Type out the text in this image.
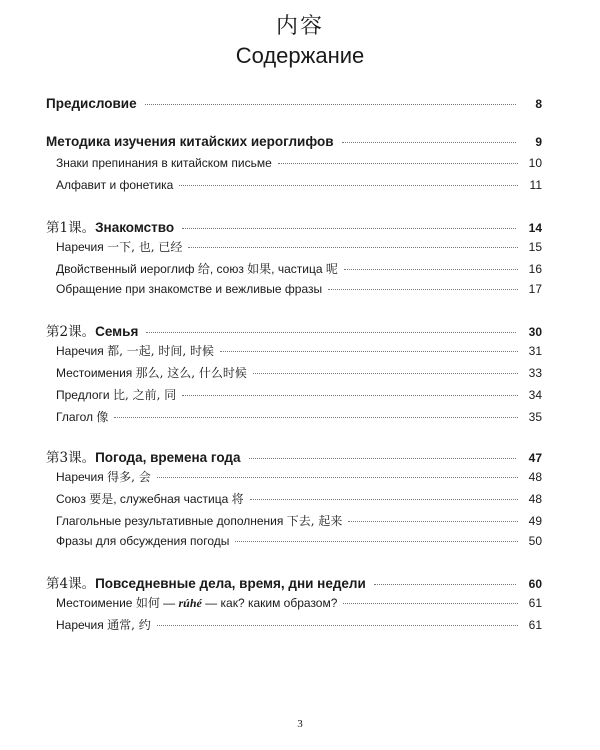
内容
Содержание
Предисловие	8
Методика изучения китайских иероглифов	9
Знаки препинания в китайском письме	10
Алфавит и фонетика	11
第1课。Знакомство	14
Наречия 一下, 也, 已经	15
Двойственный иероглиф 给, союз 如果, частица 呢	16
Обращение при знакомстве и вежливые фразы	17
第2课。Семья	30
Наречия 都, 一起, 时间, 时候	31
Местоимения 那么, 这么, 什么时候	33
Предлоги 比, 之前, 同	34
Глагол 像	35
第3课。Погода, времена года	47
Наречия 得多, 会	48
Союз 要是, служебная частица 将	48
Глагольные результативные дополнения 下去, 起来	49
Фразы для обсуждения погоды	50
第4课。Повседневные дела, время, дни недели	60
Местоимение 如何 — rúhé — как? каким образом?	61
Наречия 通常, 约	61
3
